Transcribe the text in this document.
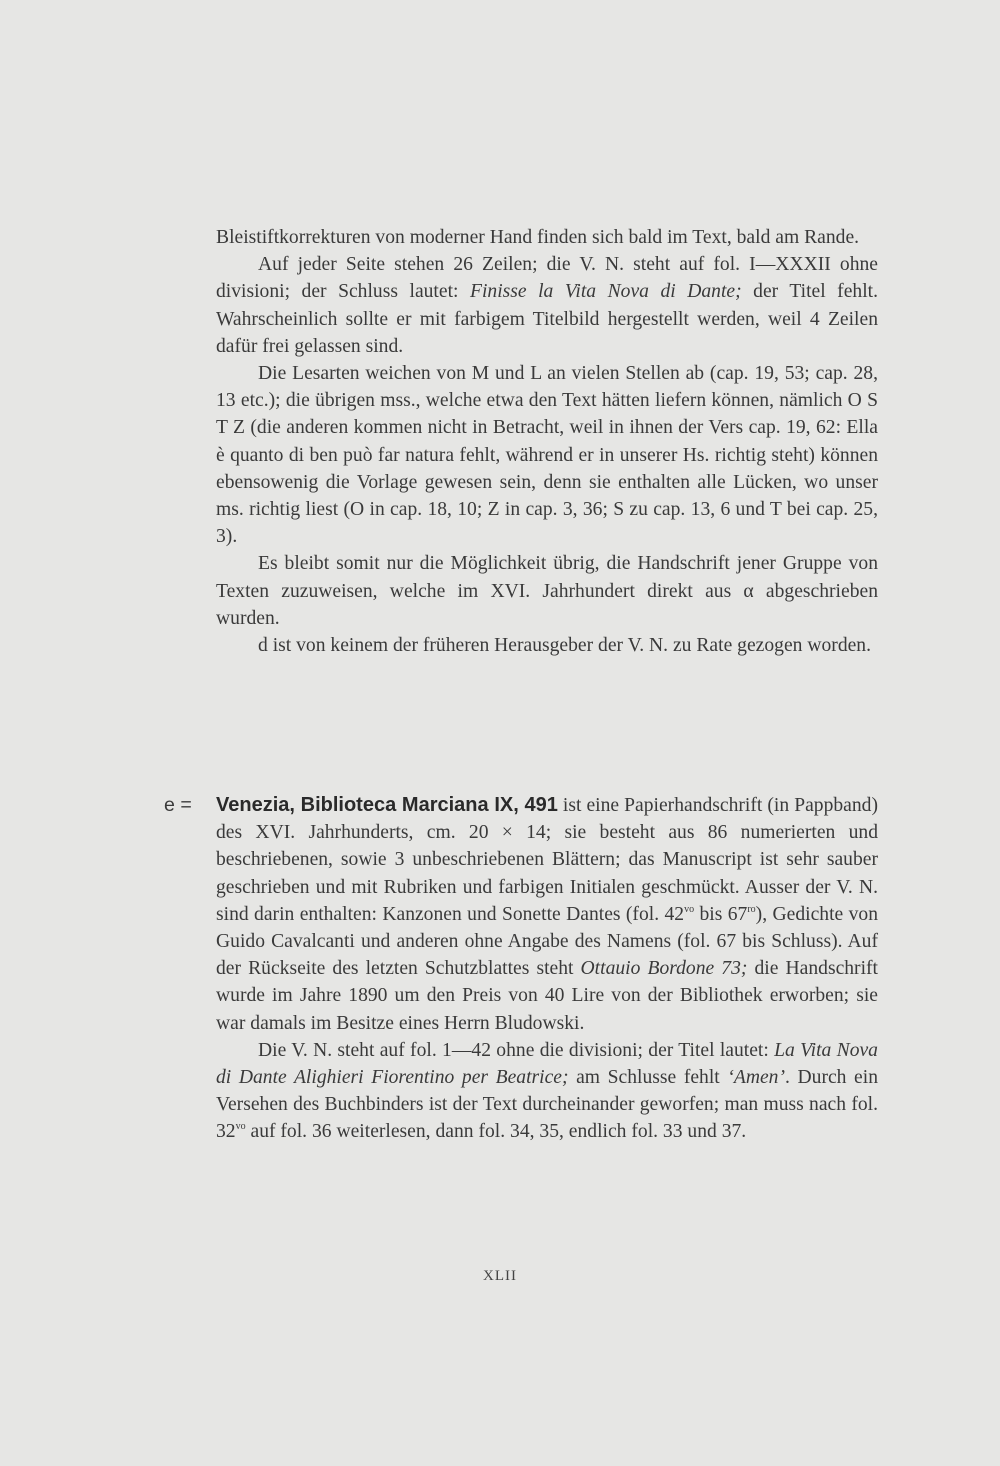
Bleistiftkorrekturen von moderner Hand finden sich bald im Text, bald am Rande.

Auf jeder Seite stehen 26 Zeilen; die V. N. steht auf fol. I—XXXII ohne divisioni; der Schluss lautet: Finisse la Vita Nova di Dante; der Titel fehlt. Wahrscheinlich sollte er mit farbigem Titelbild hergestellt werden, weil 4 Zeilen dafür frei gelassen sind.

Die Lesarten weichen von M und L an vielen Stellen ab (cap. 19, 53; cap. 28, 13 etc.); die übrigen mss., welche etwa den Text hätten liefern können, nämlich O S T Z (die anderen kommen nicht in Betracht, weil in ihnen der Vers cap. 19, 62: Ella è quanto di ben può far natura fehlt, während er in unserer Hs. richtig steht) können ebensowenig die Vorlage gewesen sein, denn sie enthalten alle Lücken, wo unser ms. richtig liest (O in cap. 18, 10; Z in cap. 3, 36; S zu cap. 13, 6 und T bei cap. 25, 3).

Es bleibt somit nur die Möglichkeit übrig, die Handschrift jener Gruppe von Texten zuzuweisen, welche im XVI. Jahrhundert direkt aus α abgeschrieben wurden.

d ist von keinem der früheren Herausgeber der V. N. zu Rate gezogen worden.

e = Venezia, Biblioteca Marciana IX, 491 ist eine Papierhandschrift (in Pappband) des XVI. Jahrhunderts, cm. 20 × 14; sie besteht aus 86 numerierten und beschriebenen, sowie 3 unbeschriebenen Blättern; das Manuscript ist sehr sauber geschrieben und mit Rubriken und farbigen Initialen geschmückt. Ausser der V. N. sind darin enthalten: Kanzonen und Sonette Dantes (fol. $42^{vo}$ bis $67^{ro}$), Gedichte von Guido Cavalcanti und anderen ohne Angabe des Namens (fol. 67 bis Schluss). Auf der Rückseite des letzten Schutzblattes steht Ottauio Bordone 73; die Handschrift wurde im Jahre 1890 um den Preis von 40 Lire von der Bibliothek erworben; sie war damals im Besitze eines Herrn Bludowski.

Die V. N. steht auf fol. 1—42 ohne die divisioni; der Titel lautet: La Vita Nova di Dante Alighieri Fiorentino per Beatrice; am Schlusse fehlt ‘Amen’. Durch ein Versehen des Buchbinders ist der Text durcheinander geworfen; man muss nach fol. $32^{vo}$ auf fol. 36 weiterlesen, dann fol. 34, 35, endlich fol. 33 und 37.

XLII
